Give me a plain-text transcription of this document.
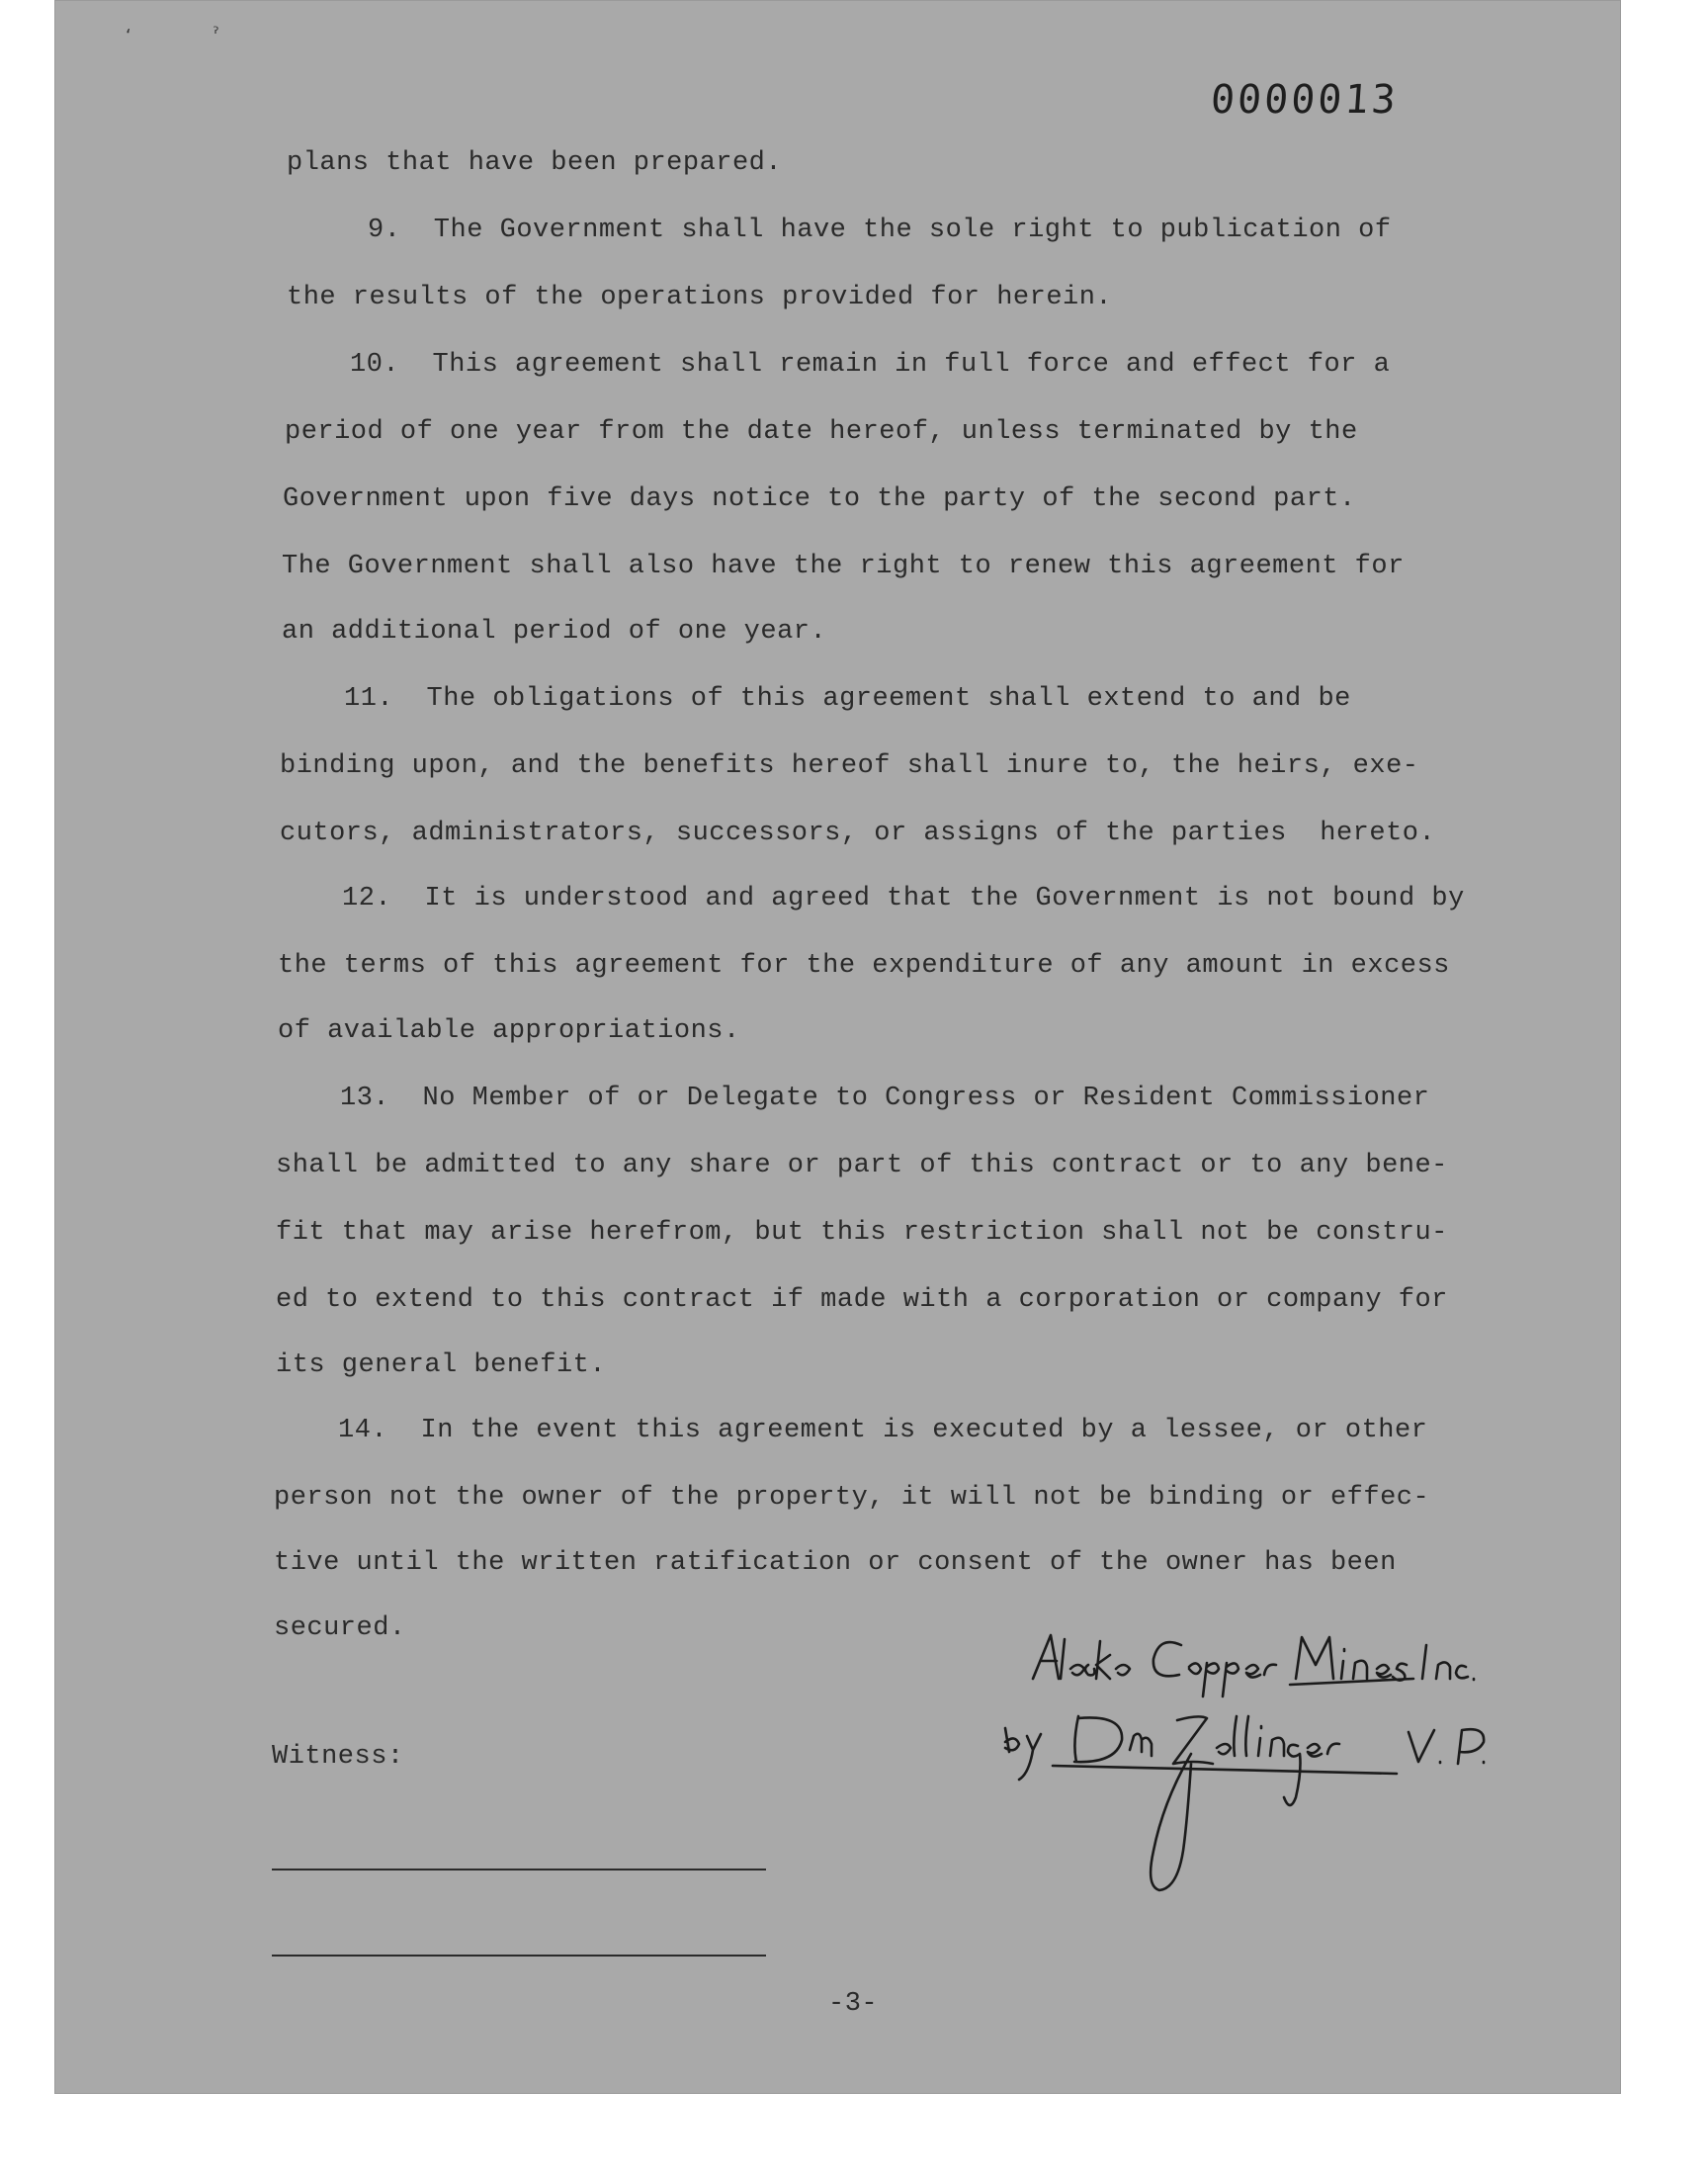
‘	ˀ
0000013
plans that have been prepared.
9.  The Government shall have the sole right to publication of
the results of the operations provided for herein.
10.  This agreement shall remain in full force and effect for a
period of one year from the date hereof, unless terminated by the
Government upon five days notice to the party of the second part.
The Government shall also have the right to renew this agreement for
an additional period of one year.
11.  The obligations of this agreement shall extend to and be
binding upon, and the benefits hereof shall inure to, the heirs, exe-
cutors, administrators, successors, or assigns of the parties  hereto.
12.  It is understood and agreed that the Government is not bound by
the terms of this agreement for the expenditure of any amount in excess
of available appropriations.
13.  No Member of or Delegate to Congress or Resident Commissioner
shall be admitted to any share or part of this contract or to any bene-
fit that may arise herefrom, but this restriction shall not be constru-
ed to extend to this contract if made with a corporation or company for
its general benefit.
14.  In the event this agreement is executed by a lessee, or other
person not the owner of the property, it will not be binding or effec-
tive until the written ratification or consent of the owner has been
secured.
Witness:
-3-
